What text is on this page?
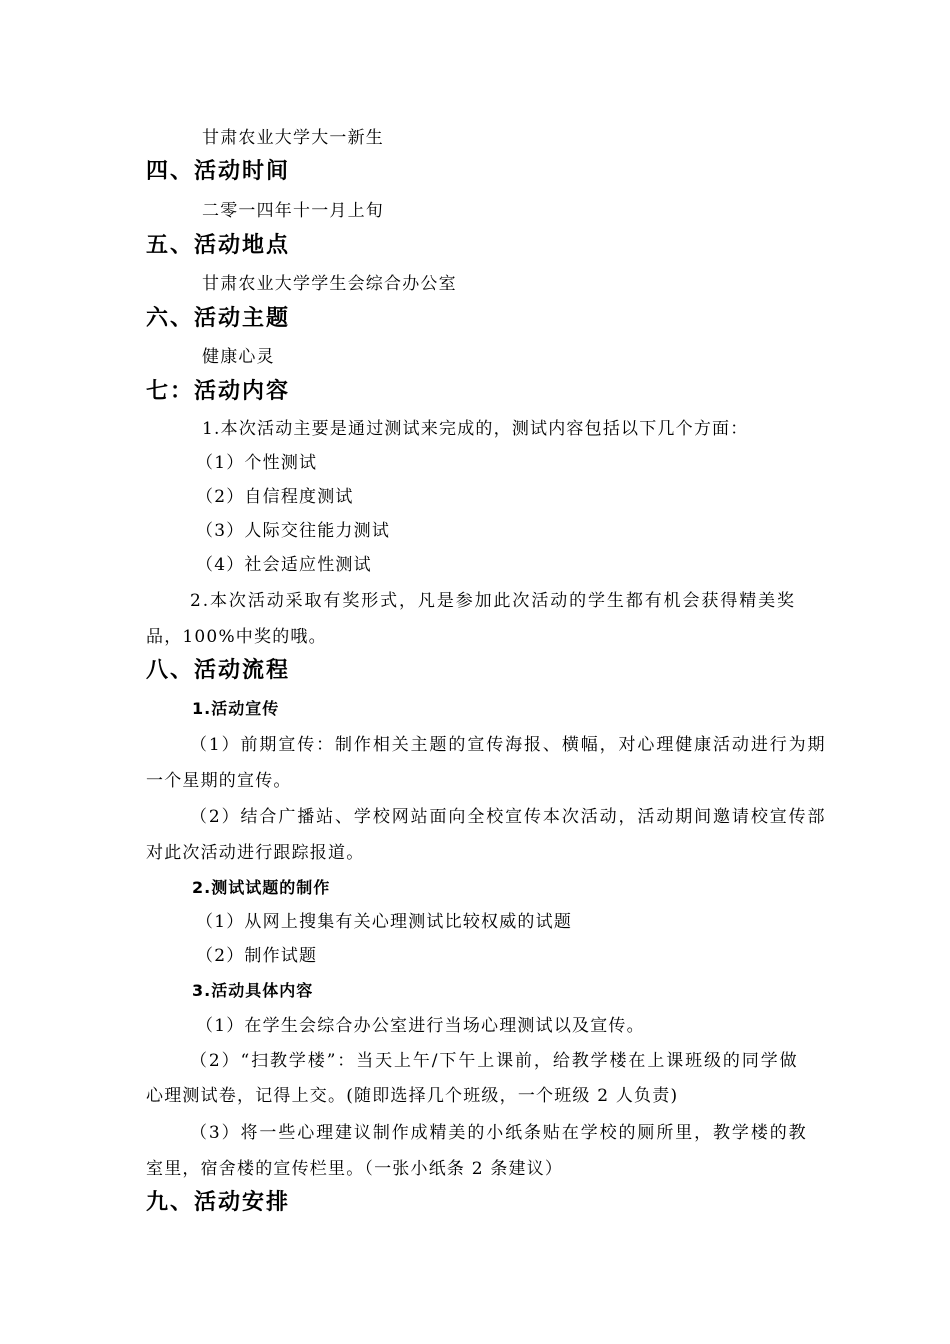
甘肃农业大学大一新生
四、活动时间
二零一四年十一月上旬
五、活动地点
甘肃农业大学学生会综合办公室
六、活动主题
健康心灵
七：活动内容
1.本次活动主要是通过测试来完成的，测试内容包括以下几个方面：
（1）个性测试
（2）自信程度测试
（3）人际交往能力测试
（4）社会适应性测试
2.本次活动采取有奖形式，凡是参加此次活动的学生都有机会获得精美奖
品，100%中奖的哦。
八、活动流程
1.活动宣传
（1）前期宣传：制作相关主题的宣传海报、横幅，对心理健康活动进行为期
一个星期的宣传。
（2）结合广播站、学校网站面向全校宣传本次活动，活动期间邀请校宣传部
对此次活动进行跟踪报道。
2.测试试题的制作
（1）从网上搜集有关心理测试比较权威的试题
（2）制作试题
3.活动具体内容
（1）在学生会综合办公室进行当场心理测试以及宣传。
（2）“扫教学楼”：当天上午/下午上课前，给教学楼在上课班级的同学做
心理测试卷，记得上交。(随即选择几个班级，一个班级 2 人负责)
（3）将一些心理建议制作成精美的小纸条贴在学校的厕所里，教学楼的教
室里，宿舍楼的宣传栏里。（一张小纸条 2 条建议）
九、活动安排
